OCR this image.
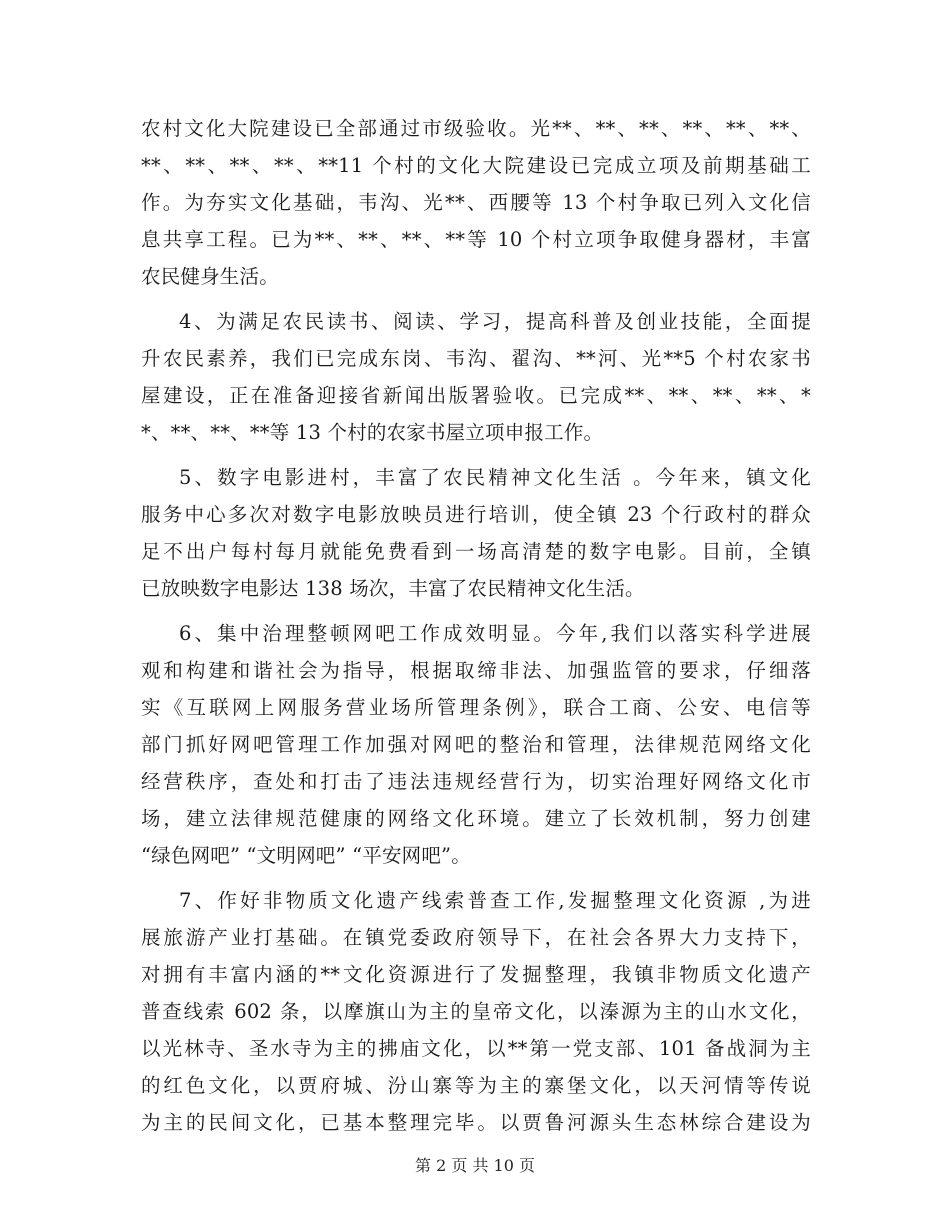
农村文化大院建设已全部通过市级验收。光**、**、**、**、**、**、
**、**、**、**、**11 个村的文化大院建设已完成立项及前期基础工
作。为夯实文化基础，韦沟、光**、西腰等 13 个村争取已列入文化信
息共享工程。已为**、**、**、**等 10 个村立项争取健身器材，丰富
农民健身生活。
4、为满足农民读书、阅读、学习，提高科普及创业技能，全面提
升农民素养，我们已完成东岗、韦沟、翟沟、**河、光**5 个村农家书
屋建设，正在准备迎接省新闻出版署验收。已完成**、**、**、**、*
*、**、**、**等 13 个村的农家书屋立项申报工作。
5、数字电影进村，丰富了农民精神文化生活 。今年来，镇文化
服务中心多次对数字电影放映员进行培训，使全镇 23 个行政村的群众
足不出户每村每月就能免费看到一场高清楚的数字电影。目前，全镇
已放映数字电影达 138 场次，丰富了农民精神文化生活。
6、集中治理整顿网吧工作成效明显。今年,我们以落实科学进展
观和构建和谐社会为指导，根据取缔非法、加强监管的要求，仔细落
实《互联网上网服务营业场所管理条例》，联合工商、公安、电信等
部门抓好网吧管理工作加强对网吧的整治和管理，法律规范网络文化
经营秩序，查处和打击了违法违规经营行为，切实治理好网络文化市
场，建立法律规范健康的网络文化环境。建立了长效机制，努力创建
“绿色网吧” “文明网吧” “平安网吧”。
7、作好非物质文化遗产线索普查工作,发掘整理文化资源 ,为进
展旅游产业打基础。在镇党委政府领导下，在社会各界大力支持下，
对拥有丰富内涵的**文化资源进行了发掘整理，我镇非物质文化遗产
普查线索 602 条，以摩旗山为主的皇帝文化，以溱源为主的山水文化，
以光林寺、圣水寺为主的拂庙文化，以**第一党支部、101 备战洞为主
的红色文化，以贾府城、汾山寨等为主的寨堡文化，以天河情等传说
为主的民间文化，已基本整理完毕。以贾鲁河源头生态林综合建设为
第 2 页 共 10 页
